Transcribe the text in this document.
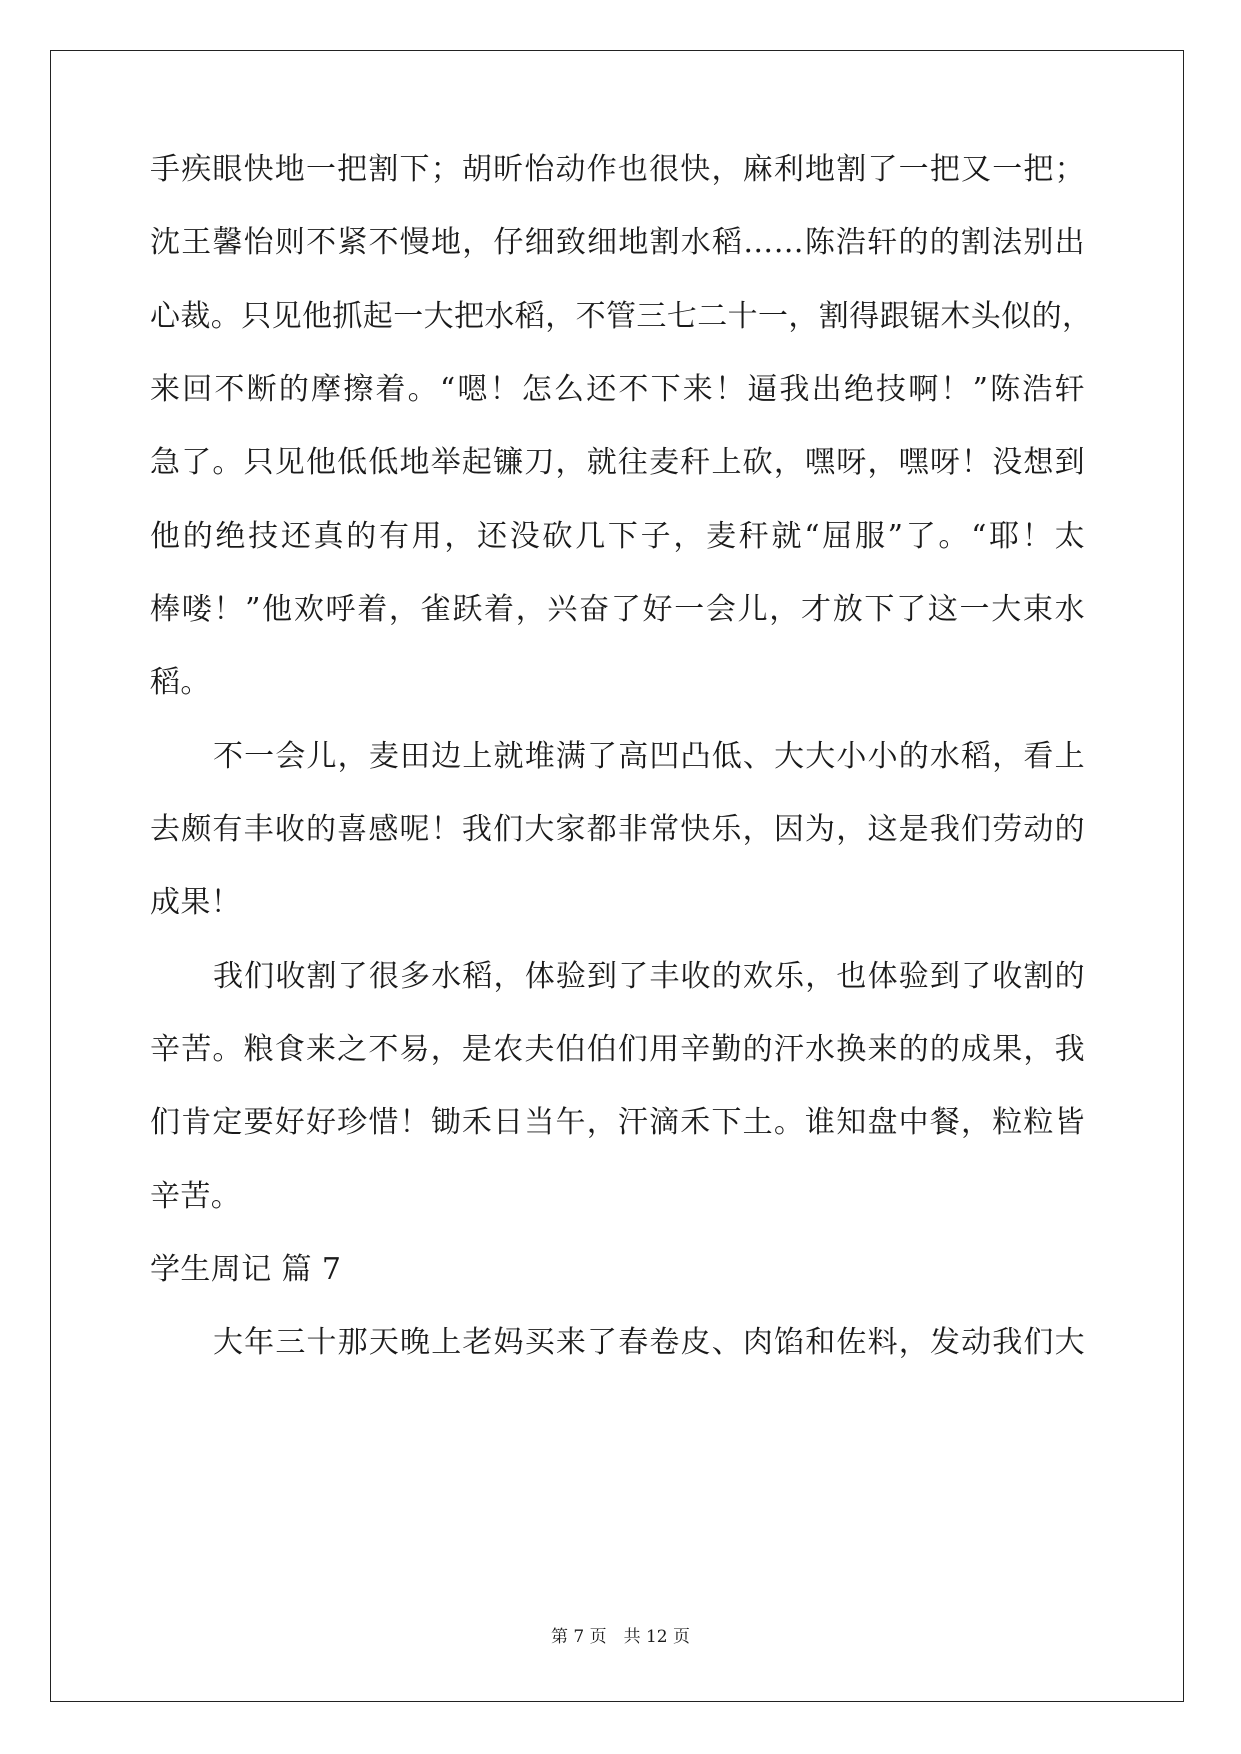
手疾眼快地一把割下；胡昕怡动作也很快，麻利地割了一把又一把；
沈王馨怡则不紧不慢地，仔细致细地割水稻……陈浩轩的的割法别出
心裁。只见他抓起一大把水稻，不管三七二十一，割得跟锯木头似的，
来回不断的摩擦着。“嗯！怎么还不下来！逼我出绝技啊！”陈浩轩
急了。只见他低低地举起镰刀，就往麦秆上砍，嘿呀，嘿呀！没想到
他的绝技还真的有用，还没砍几下子，麦秆就“屈服”了。“耶！太
棒喽！”他欢呼着，雀跃着，兴奋了好一会儿，才放下了这一大束水
稻。
不一会儿，麦田边上就堆满了高凹凸低、大大小小的水稻，看上
去颇有丰收的喜感呢！我们大家都非常快乐，因为，这是我们劳动的
成果！
我们收割了很多水稻，体验到了丰收的欢乐，也体验到了收割的
辛苦。粮食来之不易，是农夫伯伯们用辛勤的汗水换来的的成果，我
们肯定要好好珍惜！锄禾日当午，汗滴禾下土。谁知盘中餐，粒粒皆
辛苦。
学生周记 篇 7
大年三十那天晚上老妈买来了春卷皮、肉馅和佐料，发动我们大
第 7 页　共 12 页
